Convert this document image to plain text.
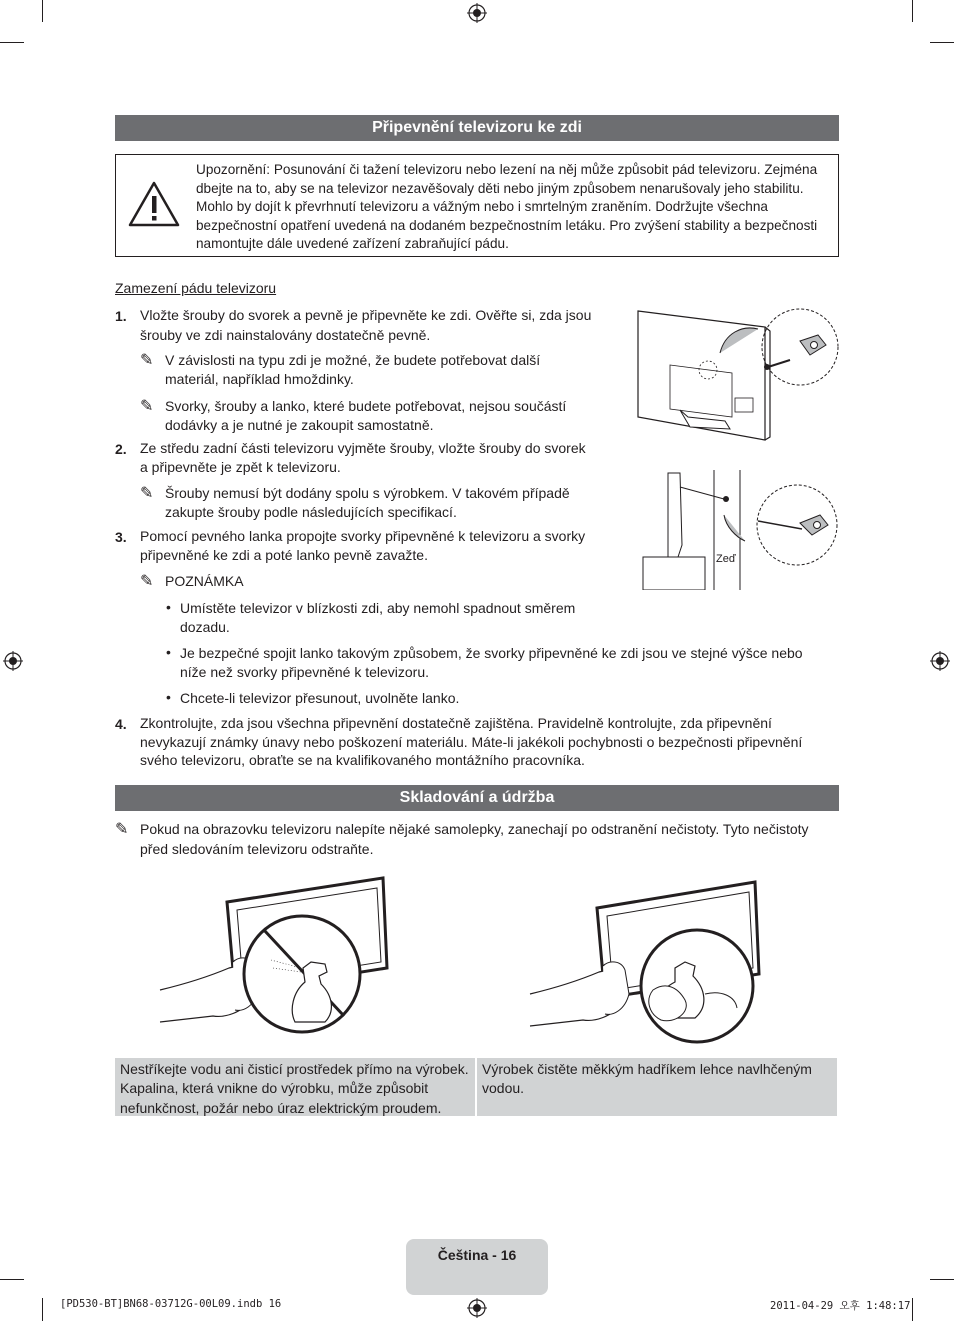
Připevnění televizoru ke zdi
Upozornění: Posunování či tažení televizoru nebo lezení na něj může způsobit pád televizoru. Zejména dbejte na to, aby se na televizor nezavěšovaly děti nebo jiným způsobem nenarušovaly jeho stabilitu. Mohlo by dojít k převrhnutí televizoru a vážným nebo i smrtelným zraněním. Dodržujte všechna bezpečnostní opatření uvedená na dodaném bezpečnostním letáku. Pro zvýšení stability a bezpečnosti namontujte dále uvedené zařízení zabraňující pádu.
Zamezení pádu televizoru
1. Vložte šrouby do svorek a pevně je připevněte ke zdi. Ověřte si, zda jsou
šrouby ve zdi nainstalovány dostatečně pevně.
✎ V závislosti na typu zdi je možné, že budete potřebovat další
materiál, například hmoždinky.
✎ Svorky, šrouby a lanko, které budete potřebovat, nejsou součástí
dodávky a je nutné je zakoupit samostatně.
2. Ze středu zadní části televizoru vyjměte šrouby, vložte šrouby do svorek
a připevněte je zpět k televizoru.
✎ Šrouby nemusí být dodány spolu s výrobkem. V takovém případě
zakupte šrouby podle následujících specifikací.
3. Pomocí pevného lanka propojte svorky připevněné k televizoru a svorky
připevněné ke zdi a poté lanko pevně zavažte.
✎ POZNÁMKA
• Umístěte televizor v blízkosti zdi, aby nemohl spadnout směrem
dozadu.
• Je bezpečné spojit lanko takovým způsobem, že svorky připevněné ke zdi jsou ve stejné výšce nebo
níže než svorky připevněné k televizoru.
• Chcete-li televizor přesunout, uvolněte lanko.
4. Zkontrolujte, zda jsou všechna připevnění dostatečně zajištěna. Pravidelně kontrolujte, zda připevnění
nevykazují známky únavy nebo poškození materiálu. Máte-li jakékoli pochybnosti o bezpečnosti připevnění
svého televizoru, obraťte se na kvalifikovaného montážního pracovníka.
Zeď
Skladování a údržba
✎ Pokud na obrazovku televizoru nalepíte nějaké samolepky, zanechají po odstranění nečistoty. Tyto nečistoty
před sledováním televizoru odstraňte.
Nestříkejte vodu ani čisticí prostředek přímo na výrobek.
Kapalina, která vnikne do výrobku, může způsobit
nefunkčnost, požár nebo úraz elektrickým proudem.
Výrobek čistěte měkkým hadříkem lehce navlhčeným
vodou.
Čeština - 16
[PD530-BT]BN68-03712G-00L09.indb 16	2011-04-29 오후 1:48:17
